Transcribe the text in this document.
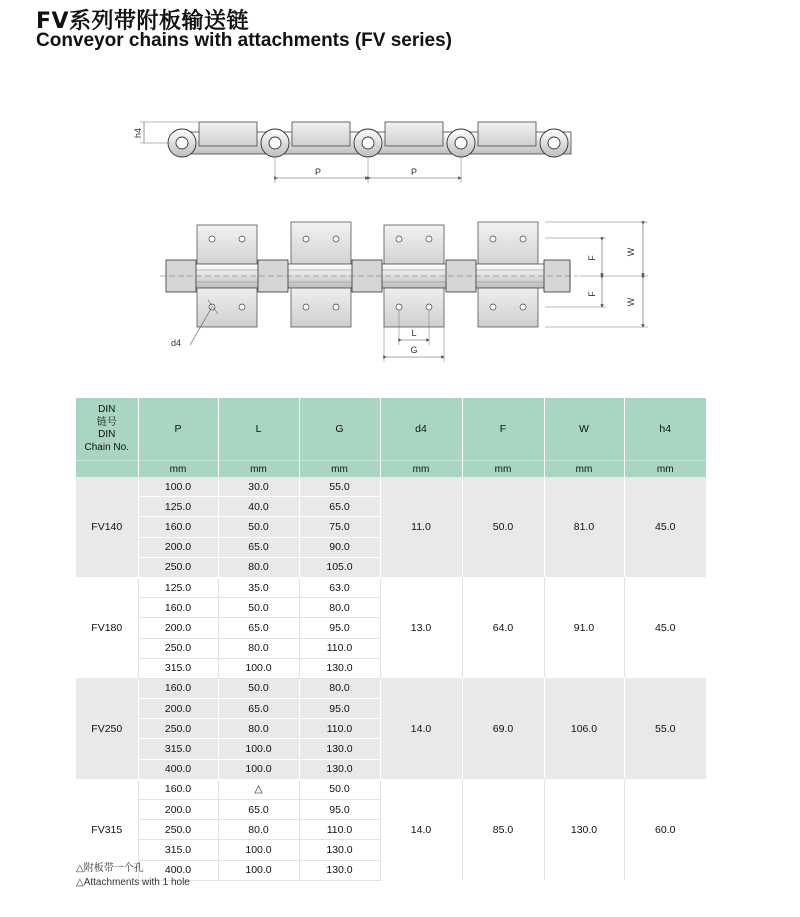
FV系列带附板输送链
Conveyor chains with attachments (FV series)
h4
P	P
F
F
W
W
L
G
d4
DIN
链号
DIN
Chain No.	P	L	G	d4	F	W	h4
	mm	mm	mm	mm	mm	mm	mm
FV140	100.0	30.0	55.0	11.0	50.0	81.0	45.0
	125.0	40.0	65.0				
	160.0	50.0	75.0				
	200.0	65.0	90.0				
	250.0	80.0	105.0				
FV180	125.0	35.0	63.0	13.0	64.0	91.0	45.0
	160.0	50.0	80.0				
	200.0	65.0	95.0				
	250.0	80.0	110.0				
	315.0	100.0	130.0				
FV250	160.0	50.0	80.0	14.0	69.0	106.0	55.0
	200.0	65.0	95.0				
	250.0	80.0	110.0				
	315.0	100.0	130.0				
	400.0	100.0	130.0				
FV315	160.0	△	50.0	14.0	85.0	130.0	60.0
	200.0	65.0	95.0				
	250.0	80.0	110.0				
	315.0	100.0	130.0				
	400.0	100.0	130.0				
△附板带一个孔
△Attachments with 1 hole
